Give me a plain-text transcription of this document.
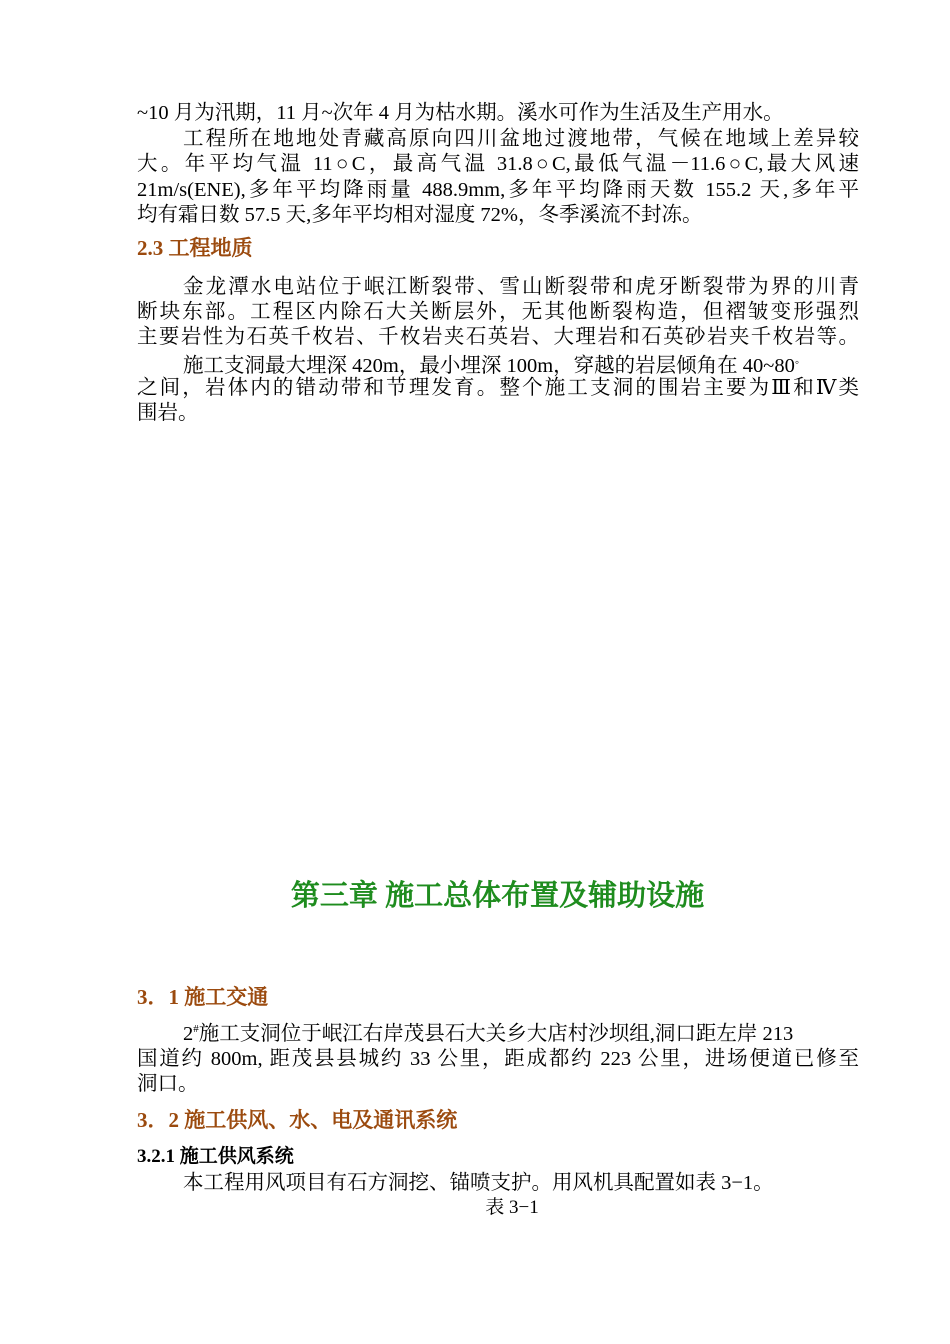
~10 月为汛期，11 月~次年 4 月为枯水期。溪水可作为生活及生产用水。
工程所在地地处青藏高原向四川盆地过渡地带，气候在地域上差异较
大。年平均气温 11○C，最高气温 31.8○C,最低气温－11.6○C,最大风速
21m/s(ENE),多年平均降雨量 488.9mm,多年平均降雨天数 155.2 天,多年平
均有霜日数 57.5 天,多年平均相对湿度 72%，冬季溪流不封冻。
2.3 工程地质
金龙潭水电站位于岷江断裂带、雪山断裂带和虎牙断裂带为界的川青
断块东部。工程区内除石大关断层外，无其他断裂构造，但褶皱变形强烈
主要岩性为石英千枚岩、千枚岩夹石英岩、大理岩和石英砂岩夹千枚岩等。
施工支洞最大埋深 420m，最小埋深 100m，穿越的岩层倾角在 40~80◦
之间，岩体内的错动带和节理发育。整个施工支洞的围岩主要为Ⅲ和Ⅳ类
围岩。
第三章 施工总体布置及辅助设施
3．1 施工交通
2#施工支洞位于岷江右岸茂县石大关乡大店村沙坝组,洞口距左岸 213
国道约 800m, 距茂县县城约 33 公里，距成都约 223 公里，进场便道已修至
洞口。
3．2 施工供风、水、电及通讯系统
3.2.1 施工供风系统
本工程用风项目有石方洞挖、锚喷支护。用风机具配置如表 3−1。
表 3−1
